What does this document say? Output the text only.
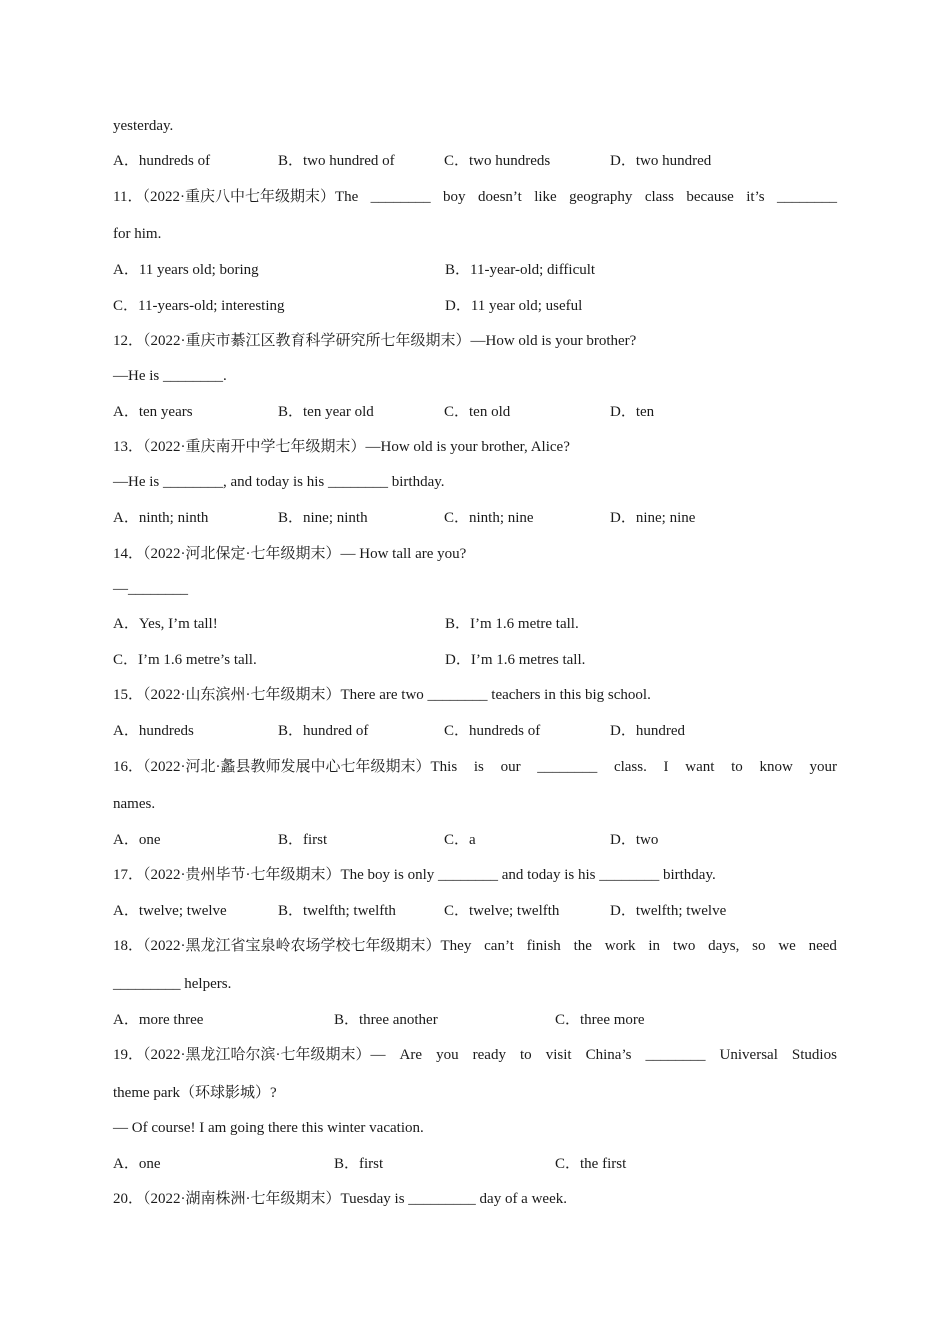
yesterday.
A．hundreds of	B．two hundred of	C．two hundreds	D．two hundred
11．（2022·重庆八中七年级期末）The ________ boy doesn’t like geography class because it’s ________
for him.
A．11 years old; boring	B．11-year-old; difficult
C．11-years-old; interesting	D．11 year old; useful
12．（2022·重庆市綦江区教育科学研究所七年级期末）—How old is your brother?
—He is ________.
A．ten years	B．ten year old	C．ten old	D．ten
13．（2022·重庆南开中学七年级期末）—How old is your brother, Alice?
—He is ________, and today is his ________ birthday.
A．ninth; ninth	B．nine; ninth	C．ninth; nine	D．nine; nine
14．（2022·河北保定·七年级期末）— How tall are you?
—________
A．Yes, I’m tall!	B．I’m 1.6 metre tall.
C．I’m 1.6 metre’s tall.	D．I’m 1.6 metres tall.
15．（2022·山东滨州·七年级期末）There are two ________ teachers in this big school.
A．hundreds	B．hundred of	C．hundreds of	D．hundred
16．（2022·河北·蠡县教师发展中心七年级期末）This is our ________ class. I want to know your
names.
A．one	B．first	C．a	D．two
17．（2022·贵州毕节·七年级期末）The boy is only ________ and today is his ________ birthday.
A．twelve; twelve	B．twelfth; twelfth	C．twelve; twelfth	D．twelfth; twelve
18．（2022·黑龙江省宝泉岭农场学校七年级期末）They can’t finish the work in two days, so we need
_________ helpers.
A．more three	B．three another	C．three more
19．（2022·黑龙江哈尔滨·七年级期末）— Are you ready to visit China’s ________ Universal Studios
theme park（环球影城）?
— Of course! I am going there this winter vacation.
A．one	B．first	C．the first
20．（2022·湖南株洲·七年级期末）Tuesday is _________ day of a week.
